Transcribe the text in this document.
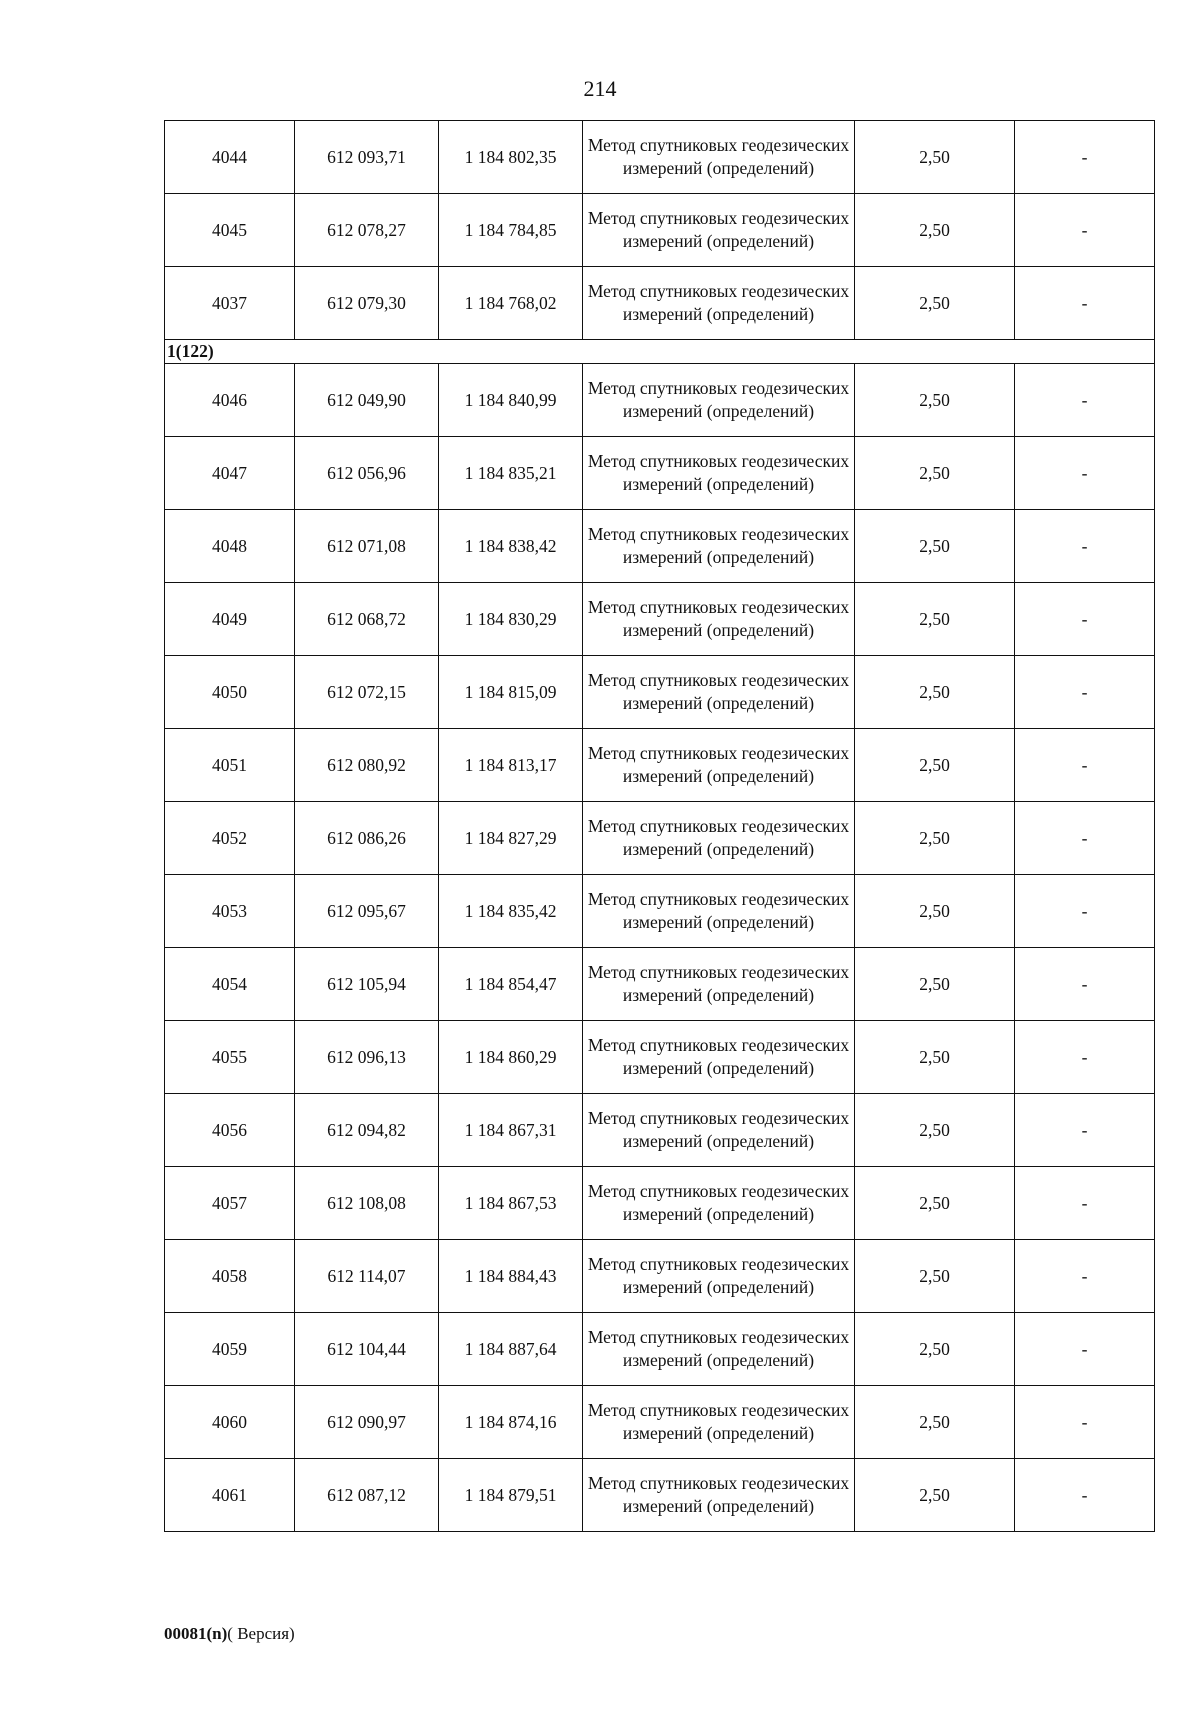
214
4044	612 093,71	1 184 802,35	Метод спутниковых геодезических измерений (определений)	2,50	-
4045	612 078,27	1 184 784,85	Метод спутниковых геодезических измерений (определений)	2,50	-
4037	612 079,30	1 184 768,02	Метод спутниковых геодезических измерений (определений)	2,50	-
1(122)					
4046	612 049,90	1 184 840,99	Метод спутниковых геодезических измерений (определений)	2,50	-
4047	612 056,96	1 184 835,21	Метод спутниковых геодезических измерений (определений)	2,50	-
4048	612 071,08	1 184 838,42	Метод спутниковых геодезических измерений (определений)	2,50	-
4049	612 068,72	1 184 830,29	Метод спутниковых геодезических измерений (определений)	2,50	-
4050	612 072,15	1 184 815,09	Метод спутниковых геодезических измерений (определений)	2,50	-
4051	612 080,92	1 184 813,17	Метод спутниковых геодезических измерений (определений)	2,50	-
4052	612 086,26	1 184 827,29	Метод спутниковых геодезических измерений (определений)	2,50	-
4053	612 095,67	1 184 835,42	Метод спутниковых геодезических измерений (определений)	2,50	-
4054	612 105,94	1 184 854,47	Метод спутниковых геодезических измерений (определений)	2,50	-
4055	612 096,13	1 184 860,29	Метод спутниковых геодезических измерений (определений)	2,50	-
4056	612 094,82	1 184 867,31	Метод спутниковых геодезических измерений (определений)	2,50	-
4057	612 108,08	1 184 867,53	Метод спутниковых геодезических измерений (определений)	2,50	-
4058	612 114,07	1 184 884,43	Метод спутниковых геодезических измерений (определений)	2,50	-
4059	612 104,44	1 184 887,64	Метод спутниковых геодезических измерений (определений)	2,50	-
4060	612 090,97	1 184 874,16	Метод спутниковых геодезических измерений (определений)	2,50	-
4061	612 087,12	1 184 879,51	Метод спутниковых геодезических измерений (определений)	2,50	-
00081(n)( Версия)
